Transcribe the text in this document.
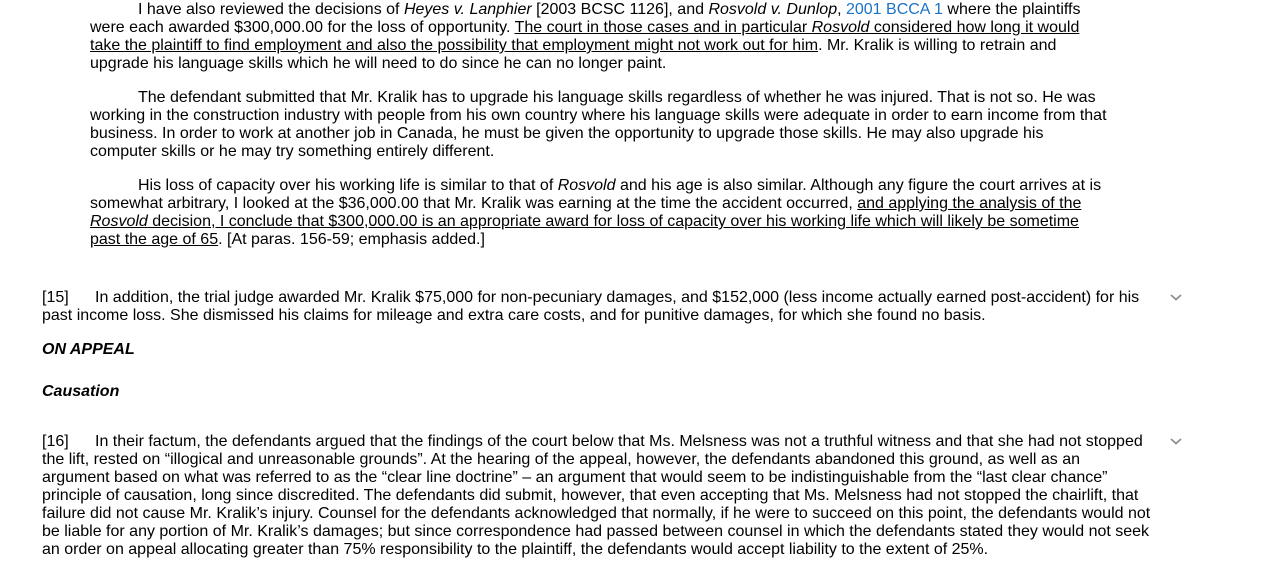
I have also reviewed the decisions of Heyes v. Lanphier [2003 BCSC 1126], and Rosvold v. Dunlop, 2001 BCCA 1 where the plaintiffs were each awarded $300,000.00 for the loss of opportunity. The court in those cases and in particular Rosvold considered how long it would take the plaintiff to find employment and also the possibility that employment might not work out for him. Mr. Kralik is willing to retrain and upgrade his language skills which he will need to do since he can no longer paint.

The defendant submitted that Mr. Kralik has to upgrade his language skills regardless of whether he was injured. That is not so. He was working in the construction industry with people from his own country where his language skills were adequate in order to earn income from that business. In order to work at another job in Canada, he must be given the opportunity to upgrade those skills. He may also upgrade his computer skills or he may try something entirely different.

His loss of capacity over his working life is similar to that of Rosvold and his age is also similar. Although any figure the court arrives at is somewhat arbitrary, I looked at the $36,000.00 that Mr. Kralik was earning at the time the accident occurred, and applying the analysis of the Rosvold decision, I conclude that $300,000.00 is an appropriate award for loss of capacity over his working life which will likely be sometime past the age of 65. [At paras. 156-59; emphasis added.]

[15] In addition, the trial judge awarded Mr. Kralik $75,000 for non-pecuniary damages, and $152,000 (less income actually earned post-accident) for his past income loss. She dismissed his claims for mileage and extra care costs, and for punitive damages, for which she found no basis.

ON APPEAL

Causation

[16] In their factum, the defendants argued that the findings of the court below that Ms. Melsness was not a truthful witness and that she had not stopped the lift, rested on “illogical and unreasonable grounds”. At the hearing of the appeal, however, the defendants abandoned this ground, as well as an argument based on what was referred to as the “clear line doctrine” – an argument that would seem to be indistinguishable from the “last clear chance” principle of causation, long since discredited. The defendants did submit, however, that even accepting that Ms. Melsness had not stopped the chairlift, that failure did not cause Mr. Kralik’s injury. Counsel for the defendants acknowledged that normally, if he were to succeed on this point, the defendants would not be liable for any portion of Mr. Kralik’s damages; but since correspondence had passed between counsel in which the defendants stated they would not seek an order on appeal allocating greater than 75% responsibility to the plaintiff, the defendants would accept liability to the extent of 25%.
